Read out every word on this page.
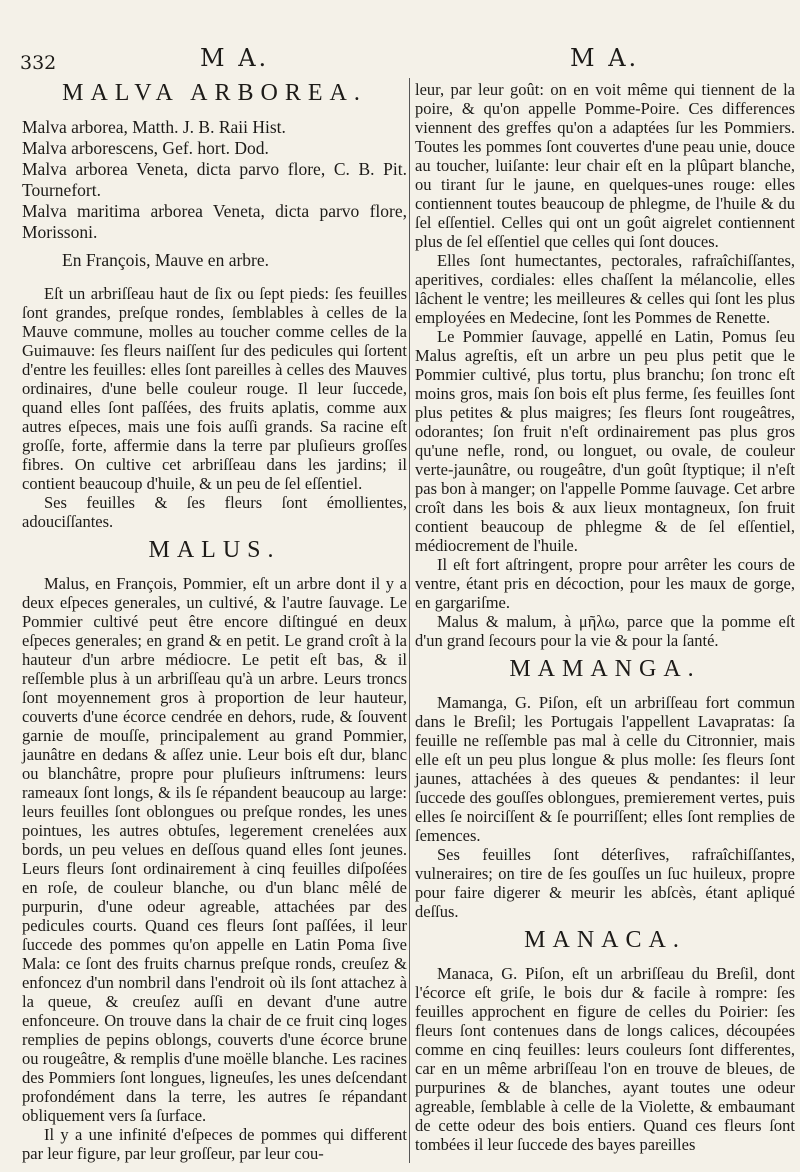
332	M A.	M A.
MALVA ARBOREA.

Malva arborea, Matth. J. B. Raii Hist.

Malva arborescens, Gef. hort. Dod.

Malva arborea Veneta, dicta parvo flore, C. B. Pit. Tournefort.

Malva maritima arborea Veneta, dicta parvo flore, Morissoni.

En François, Mauve en arbre.

Eſt un arbriſſeau haut de ſix ou ſept pieds: ſes feuilles ſont grandes, preſque rondes, ſemblables à celles de la Mauve commune, molles au toucher comme celles de la Guimauve: ſes fleurs naiſſent ſur des pedicules qui ſortent d'entre les feuilles: elles ſont pareilles à celles des Mauves ordinaires, d'une belle couleur rouge. Il leur ſuccede, quand elles ſont paſſées, des fruits aplatis, comme aux autres eſpeces, mais une fois auſſi grands. Sa racine eſt groſſe, forte, affermie dans la terre par pluſieurs groſſes fibres. On cultive cet arbriſſeau dans les jardins; il contient beaucoup d'huile, & un peu de ſel eſſentiel.

Ses feuilles & ſes fleurs ſont émollientes, adouciſſantes.

MALUS.

Malus, en François, Pommier, eſt un arbre dont il y a deux eſpeces generales, un cultivé, & l'autre ſauvage. Le Pommier cultivé peut être encore diſtingué en deux eſpeces generales; en grand & en petit. Le grand croît à la hauteur d'un arbre médiocre. Le petit eſt bas, & il reſſemble plus à un arbriſſeau qu'à un arbre. Leurs troncs ſont moyennement gros à proportion de leur hauteur, couverts d'une écorce cendrée en dehors, rude, & ſouvent garnie de mouſſe, principalement au grand Pommier, jaunâtre en dedans & aſſez unie. Leur bois eſt dur, blanc ou blanchâtre, propre pour pluſieurs inſtrumens: leurs rameaux ſont longs, & ils ſe répandent beaucoup au large: leurs feuilles ſont oblongues ou preſque rondes, les unes pointues, les autres obtuſes, legerement crenelées aux bords, un peu velues en deſſous quand elles ſont jeunes. Leurs fleurs ſont ordinairement à cinq feuilles diſpoſées en roſe, de couleur blanche, ou d'un blanc mêlé de purpurin, d'une odeur agreable, attachées par des pedicules courts. Quand ces fleurs ſont paſſées, il leur ſuccede des pommes qu'on appelle en Latin Poma ſive Mala: ce ſont des fruits charnus preſque ronds, creuſez & enfoncez d'un nombril dans l'endroit où ils ſont attachez à la queue, & creuſez auſſi en devant d'une autre enfonceure. On trouve dans la chair de ce fruit cinq loges remplies de pepins oblongs, couverts d'une écorce brune ou rougeâtre, & remplis d'une moëlle blanche. Les racines des Pommiers ſont longues, ligneuſes, les unes deſcendant profondément dans la terre, les autres ſe répandant obliquement vers ſa ſurface.

Il y a une infinité d'eſpeces de pommes qui different par leur figure, par leur groſſeur, par leur cou-

leur, par leur goût: on en voit même qui tiennent de la poire, & qu'on appelle Pomme-Poire. Ces differences viennent des greffes qu'on a adaptées ſur les Pommiers. Toutes les pommes ſont couvertes d'une peau unie, douce au toucher, luiſante: leur chair eſt en la plûpart blanche, ou tirant ſur le jaune, en quelques-unes rouge: elles contiennent toutes beaucoup de phlegme, de l'huile & du ſel eſſentiel. Celles qui ont un goût aigrelet contiennent plus de ſel eſſentiel que celles qui ſont douces.

Elles ſont humectantes, pectorales, rafraîchiſſantes, aperitives, cordiales: elles chaſſent la mélancolie, elles lâchent le ventre; les meilleures & celles qui ſont les plus employées en Medecine, ſont les Pommes de Renette.

Le Pommier ſauvage, appellé en Latin, Pomus ſeu Malus agreſtis, eſt un arbre un peu plus petit que le Pommier cultivé, plus tortu, plus branchu; ſon tronc eſt moins gros, mais ſon bois eſt plus ferme, ſes feuilles ſont plus petites & plus maigres; ſes fleurs ſont rougeâtres, odorantes; ſon fruit n'eſt ordinairement pas plus gros qu'une nefle, rond, ou longuet, ou ovale, de couleur verte-jaunâtre, ou rougeâtre, d'un goût ſtyptique; il n'eſt pas bon à manger; on l'appelle Pomme ſauvage. Cet arbre croît dans les bois & aux lieux montagneux, ſon fruit contient beaucoup de phlegme & de ſel eſſentiel, médiocrement de l'huile.

Il eſt fort aſtringent, propre pour arrêter les cours de ventre, étant pris en décoction, pour les maux de gorge, en gargariſme.

Malus & malum, à μῆλω, parce que la pomme eſt d'un grand ſecours pour la vie & pour la ſanté.

MAMANGA.

Mamanga, G. Piſon, eſt un arbriſſeau fort commun dans le Breſil; les Portugais l'appellent Lavapratas: ſa feuille ne reſſemble pas mal à celle du Citronnier, mais elle eſt un peu plus longue & plus molle: ſes fleurs ſont jaunes, attachées à des queues & pendantes: il leur ſuccede des gouſſes oblongues, premierement vertes, puis elles ſe noirciſſent & ſe pourriſſent; elles ſont remplies de ſemences.

Ses feuilles ſont déterſives, rafraîchiſſantes, vulneraires; on tire de ſes gouſſes un ſuc huileux, propre pour faire digerer & meurir les abſcès, étant apliqué deſſus.

MANACA.

Manaca, G. Piſon, eſt un arbriſſeau du Breſil, dont l'écorce eſt griſe, le bois dur & facile à rompre: ſes feuilles approchent en figure de celles du Poirier: ſes fleurs ſont contenues dans de longs calices, découpées comme en cinq feuilles: leurs couleurs ſont differentes, car en un même arbriſſeau l'on en trouve de bleues, de purpurines & de blanches, ayant toutes une odeur agreable, ſemblable à celle de la Violette, & embaumant de cette odeur des bois entiers. Quand ces fleurs ſont tombées il leur ſuccede des bayes pareilles
